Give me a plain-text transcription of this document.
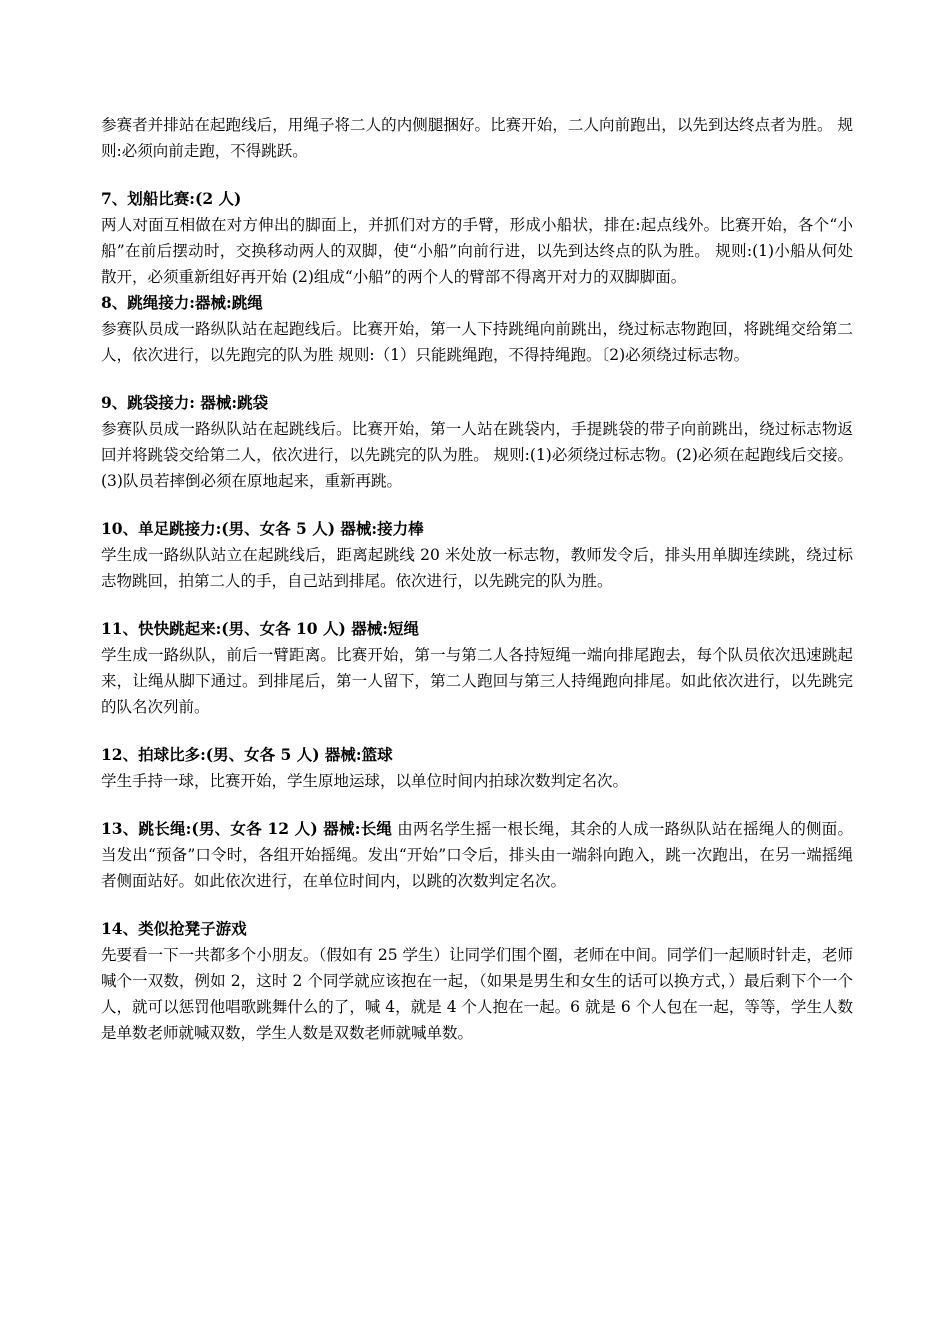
参赛者并排站在起跑线后，用绳子将二人的内侧腿捆好。比赛开始，二人向前跑出，以先到达终点者为胜。 规则:必须向前走跑，不得跳跃。

7、划船比赛:(2 人)

两人对面互相做在对方伸出的脚面上，并抓们对方的手臂，形成小船状，排在:起点线外。比赛开始，各个“小船”在前后摆动时，交换移动两人的双脚，使“小船”向前行进，以先到达终点的队为胜。 规则:(1)小船从何处散开，必须重新组好再开始 (2)组成“小船”的两个人的臂部不得离开对力的双脚脚面。

8、跳绳接力:器械:跳绳

参赛队员成一路纵队站在起跑线后。比赛开始，第一人下持跳绳向前跳出，绕过标志物跑回，将跳绳交给第二人，依次进行，以先跑完的队为胜 规则:（1）只能跳绳跑，不得持绳跑。〔2)必须绕过标志物。

9、跳袋接力: 器械:跳袋

参赛队员成一路纵队站在起跳线后。比赛开始，第一人站在跳袋内，手提跳袋的带子向前跳出，绕过标志物返回并将跳袋交给第二人，依次进行，以先跳完的队为胜。 规则:(1)必须绕过标志物。(2)必须在起跑线后交接。(3)队员若摔倒必须在原地起来，重新再跳。

10、单足跳接力:(男、女各 5 人) 器械:接力棒

学生成一路纵队站立在起跳线后，距离起跳线 20 米处放一标志物，教师发令后，排头用单脚连续跳，绕过标志物跳回，拍第二人的手，自己站到排尾。依次进行，以先跳完的队为胜。

11、快快跳起来:(男、女各 10 人) 器械:短绳

学生成一路纵队，前后一臂距离。比赛开始，第一与第二人各持短绳一端向排尾跑去，每个队员依次迅速跳起来，让绳从脚下通过。到排尾后，第一人留下，第二人跑回与第三人持绳跑向排尾。如此依次进行，以先跳完的队名次列前。

12、拍球比多:(男、女各 5 人) 器械:篮球

学生手持一球，比赛开始，学生原地运球，以单位时间内拍球次数判定名次。

13、跳长绳:(男、女各 12 人) 器械:长绳 由两名学生摇一根长绳，其余的人成一路纵队站在摇绳人的侧面。当发出“预备”口令时，各组开始摇绳。发出“开始”口令后，排头由一端斜向跑入，跳一次跑出，在另一端摇绳者侧面站好。如此依次进行，在单位时间内，以跳的次数判定名次。

14、类似抢凳子游戏

先要看一下一共都多个小朋友。（假如有 25 学生）让同学们围个圈，老师在中间。同学们一起顺时针走，老师喊个一双数，例如 2，这时 2 个同学就应该抱在一起，（如果是男生和女生的话可以换方式，）最后剩下个一个人，就可以惩罚他唱歌跳舞什么的了，喊 4，就是 4 个人抱在一起。6 就是 6 个人包在一起，等等，学生人数是单数老师就喊双数，学生人数是双数老师就喊单数。
